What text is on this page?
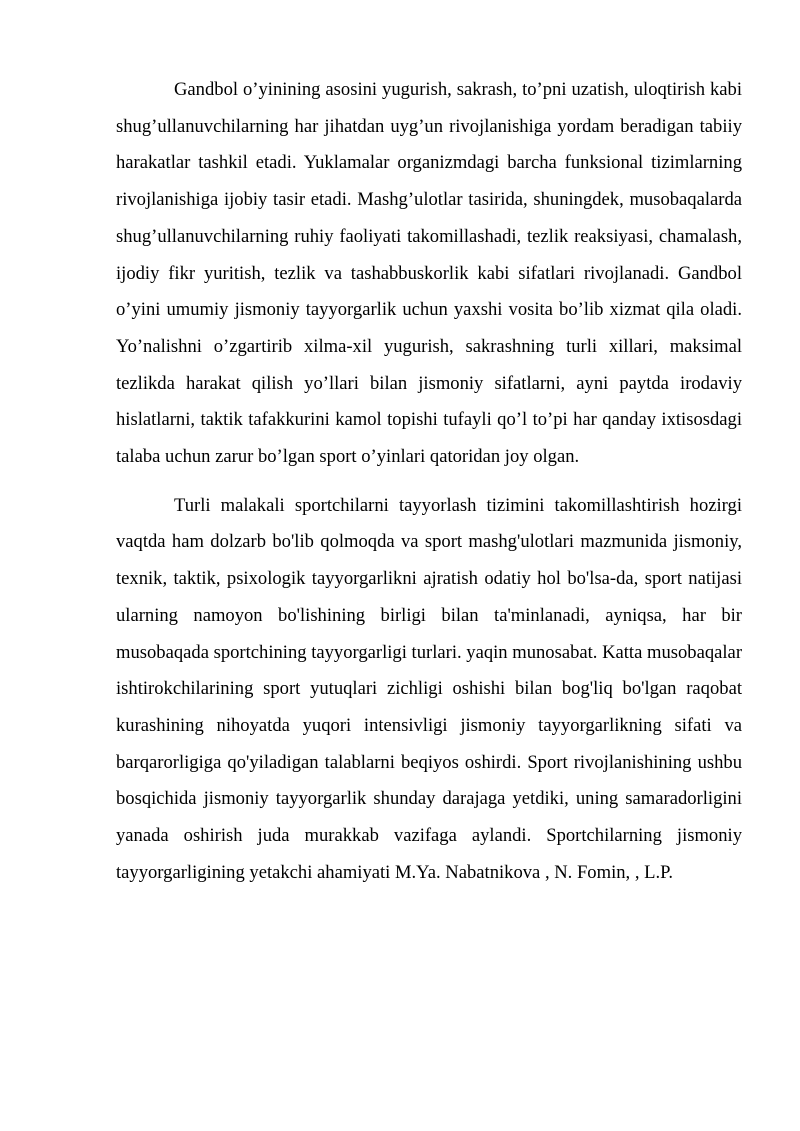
Gandbol o’yinining asosini yugurish, sakrash, to’pni uzatish, uloqtirish kabi shug’ullanuvchilarning har jihatdan uyg’un rivojlanishiga yordam beradigan tabiiy harakatlar tashkil etadi. Yuklamalar organizmdagi barcha funksional tizimlarning rivojlanishiga ijobiy tasir etadi. Mashg’ulotlar tasirida, shuningdek, musobaqalarda shug’ullanuvchilarning ruhiy faoliyati takomillashadi, tezlik reaksiyasi, chamalash, ijodiy fikr yuritish, tezlik va tashabbuskorlik kabi sifatlari rivojlanadi. Gandbol o’yini umumiy jismoniy tayyorgarlik uchun yaxshi vosita bo’lib xizmat qila oladi. Yo’nalishni o’zgartirib xilma-xil yugurish, sakrashning turli xillari, maksimal tezlikda harakat qilish yo’llari bilan jismoniy sifatlarni, ayni paytda irodaviy hislatlarni, taktik tafakkurini kamol topishi tufayli qo’l to’pi har qanday ixtisosdagi talaba uchun zarur bo’lgan sport o’yinlari qatoridan joy olgan.

Turli malakali sportchilarni tayyorlash tizimini takomillashtirish hozirgi vaqtda ham dolzarb bo'lib qolmoqda va sport mashg'ulotlari mazmunida jismoniy, texnik, taktik, psixologik tayyorgarlikni ajratish odatiy hol bo'lsa-da, sport natijasi ularning namoyon bo'lishining birligi bilan ta'minlanadi, ayniqsa, har bir musobaqada sportchining tayyorgarligi turlari. yaqin munosabat. Katta musobaqalar ishtirokchilarining sport yutuqlari zichligi oshishi bilan bog'liq bo'lgan raqobat kurashining nihoyatda yuqori intensivligi jismoniy tayyorgarlikning sifati va barqarorligiga qo'yiladigan talablarni beqiyos oshirdi. Sport rivojlanishining ushbu bosqichida jismoniy tayyorgarlik shunday darajaga yetdiki, uning samaradorligini yanada oshirish juda murakkab vazifaga aylandi. Sportchilarning jismoniy tayyorgarligining yetakchi ahamiyati M.Ya. Nabatnikova , N. Fomin, , L.P.
